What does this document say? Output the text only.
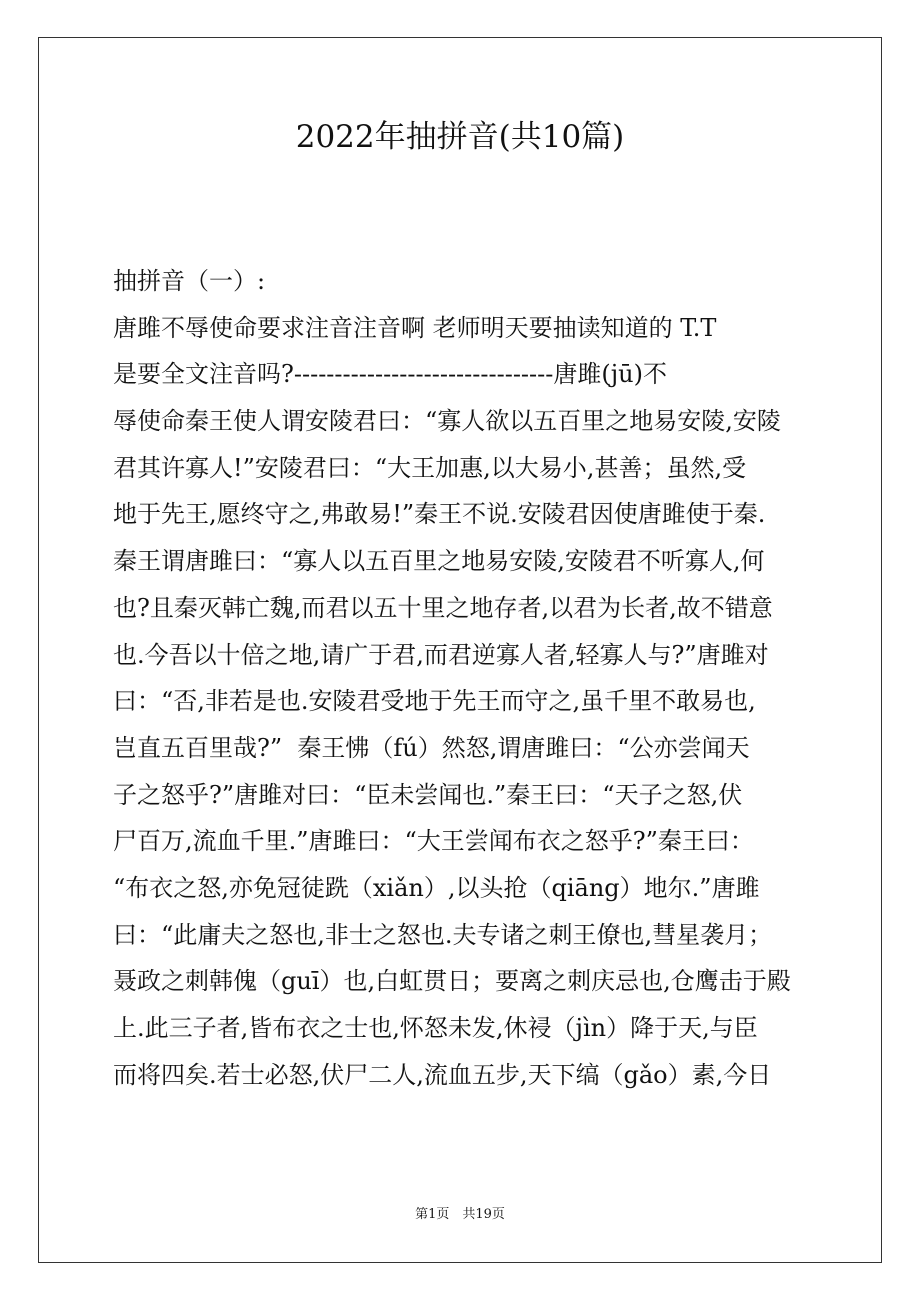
2022年抽拼音(共10篇)
抽拼音（一）:
唐雎不辱使命要求注音注音啊 老师明天要抽读知道的 T.T
是要全文注音吗?--------------------------------唐雎(jū)不
辱使命秦王使人谓安陵君曰：“寡人欲以五百里之地易安陵,安陵
君其许寡人!”安陵君曰：“大王加惠,以大易小,甚善；虽然,受
地于先王,愿终守之,弗敢易!”秦王不说.安陵君因使唐雎使于秦.
秦王谓唐雎曰：“寡人以五百里之地易安陵,安陵君不听寡人,何
也?且秦灭韩亡魏,而君以五十里之地存者,以君为长者,故不错意
也.今吾以十倍之地,请广于君,而君逆寡人者,轻寡人与?”唐雎对
曰：“否,非若是也.安陵君受地于先王而守之,虽千里不敢易也,
岂直五百里哉?”  秦王怫（fú）然怒,谓唐雎曰：“公亦尝闻天
子之怒乎?”唐雎对曰：“臣未尝闻也.”秦王曰：“天子之怒,伏
尸百万,流血千里.”唐雎曰：“大王尝闻布衣之怒乎?”秦王曰：
“布衣之怒,亦免冠徒跣（xiǎn）,以头抢（qiāng）地尔.”唐雎
曰：“此庸夫之怒也,非士之怒也.夫专诸之刺王僚也,彗星袭月；
聂政之刺韩傀（guī）也,白虹贯日；要离之刺庆忌也,仓鹰击于殿
上.此三子者,皆布衣之士也,怀怒未发,休祲（jìn）降于天,与臣
而将四矣.若士必怒,伏尸二人,流血五步,天下缟（gǎo）素,今日
第1页　共19页
